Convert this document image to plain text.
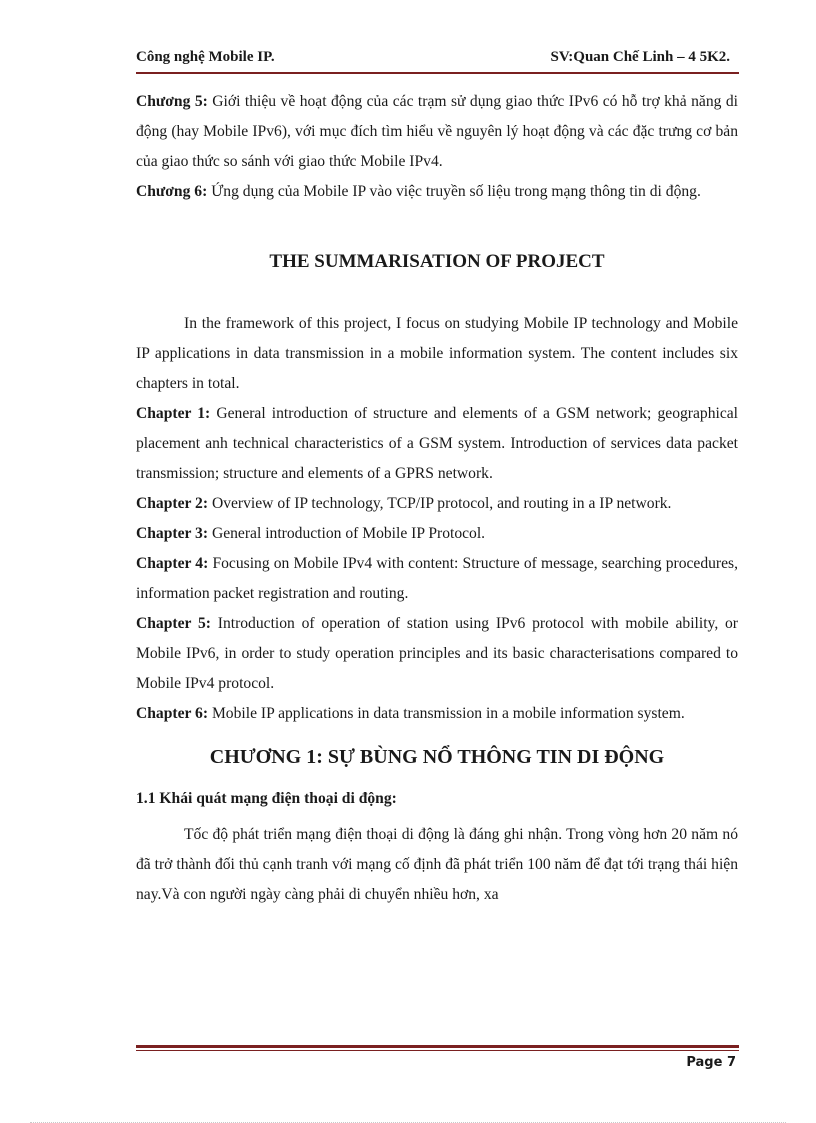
Công nghệ Mobile IP.	SV:Quan Chế Linh – 4 5K2.

Chương 5: Giới thiệu về hoạt động của các trạm sử dụng giao thức IPv6 có hỗ trợ khả năng di động (hay Mobile IPv6), với mục đích tìm hiểu về nguyên lý hoạt động và các đặc trưng cơ bản của giao thức so sánh với giao thức Mobile IPv4.

Chương 6: Ứng dụng của Mobile IP vào việc truyền số liệu trong mạng thông tin di động.

THE SUMMARISATION OF PROJECT

In the framework of this project, I focus on studying Mobile IP technology and Mobile IP applications in data transmission in a mobile information system. The content includes six chapters in total.

Chapter 1: General introduction of structure and elements of a GSM network; geographical placement anh technical characteristics of a GSM system. Introduction of services data packet transmission; structure and elements of a GPRS network.

Chapter 2: Overview of IP technology, TCP/IP protocol, and routing in a IP network.

Chapter 3: General introduction of Mobile IP Protocol.

Chapter 4: Focusing on Mobile IPv4 with content: Structure of message, searching procedures, information packet registration and routing.

Chapter 5: Introduction of operation of station using IPv6 protocol with mobile ability, or Mobile IPv6, in order to study operation principles and its basic characterisations compared to Mobile IPv4 protocol.

Chapter 6: Mobile IP applications in data transmission in a mobile information system.

CHƯƠNG 1: SỰ BÙNG NỔ THÔNG TIN DI ĐỘNG
1.1 Khái quát mạng điện thoại di động:

Tốc độ phát triển mạng điện thoại di động là đáng ghi nhận. Trong vòng hơn 20 năm nó đã trở thành đối thủ cạnh tranh với mạng cố định đã phát triển 100 năm để đạt tới trạng thái hiện nay.Và con người ngày càng phải di chuyển nhiều hơn, xa

Page 7
